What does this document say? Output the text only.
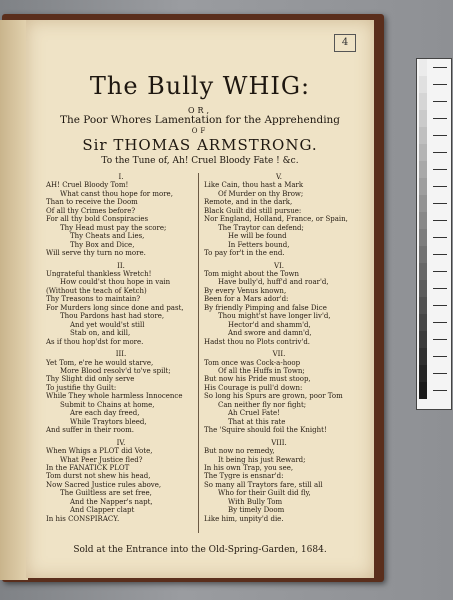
4
The Bully WHIG:
OR,
The Poor Whores Lamentation for the Apprehending
OF
Sir THOMAS ARMSTRONG.
To the Tune of, Ah! Cruel Bloody Fate ! &c.
I.
AH! Cruel Bloody Tom!
What canst thou hope for more,
Than to receive the Doom
Of all thy Crimes before?
For all thy bold Conspiracies
Thy Head must pay the score;
Thy Cheats and Lies,
Thy Box and Dice,
Will serve thy turn no more.
II.
Ungrateful thankless Wretch!
How could'st thou hope in vain
(Without the teach of Ketch)
Thy Treasons to maintain?
For Murders long since done and past,
Thou Pardons hast had store,
And yet would'st still
Stab on, and kill,
As if thou hop'dst for more.
III.
Yet Tom, e're he would starve,
More Blood resolv'd to've spilt;
Thy Slight did only serve
To justifie thy Guilt:
While They whole harmless Innocence
Submit to Chains at home,
Are each day freed,
While Traytors bleed,
And suffer in their room.
IV.
When Whigs a PLOT did Vote,
What Peer Justice fled?
In the FANATICK PLOT
Tom durst not shew his head,
Now Sacred Justice rules above,
The Guiltless are set free,
And the Napper's napt,
And Clapper clapt
In his CONSPIRACY.
V.
Like Cain, thou hast a Mark
Of Murder on thy Brow;
Remote, and in the dark,
Black Guilt did still pursue:
Nor England, Holland, France, or Spain,
The Traytor can defend;
He will be found
In Fetters bound,
To pay for't in the end.
VI.
Tom might about the Town
Have bully'd, huff'd and roar'd,
By every Venus known,
Been for a Mars ador'd:
By friendly Pimping and false Dice
Thou might'st have longer liv'd,
Hector'd and shamm'd,
And swore and damn'd,
Hadst thou no Plots contriv'd.
VII.
Tom once was Cock-a-hoop
Of all the Huffs in Town;
But now his Pride must stoop,
His Courage is pull'd down:
So long his Spurs are grown, poor Tom
Can neither fly nor fight;
Ah Cruel Fate!
That at this rate
The 'Squire should foil the Knight!
VIII.
But now no remedy,
It being his just Reward;
In his own Trap, you see,
The Tygre is ensnar'd:
So many all Traytors fare, still all
Who for their Guilt did fly,
With Bully Tom
By timely Doom
Like him, unpity'd die.
Sold at the Entrance into the Old-Spring-Garden, 1684.
